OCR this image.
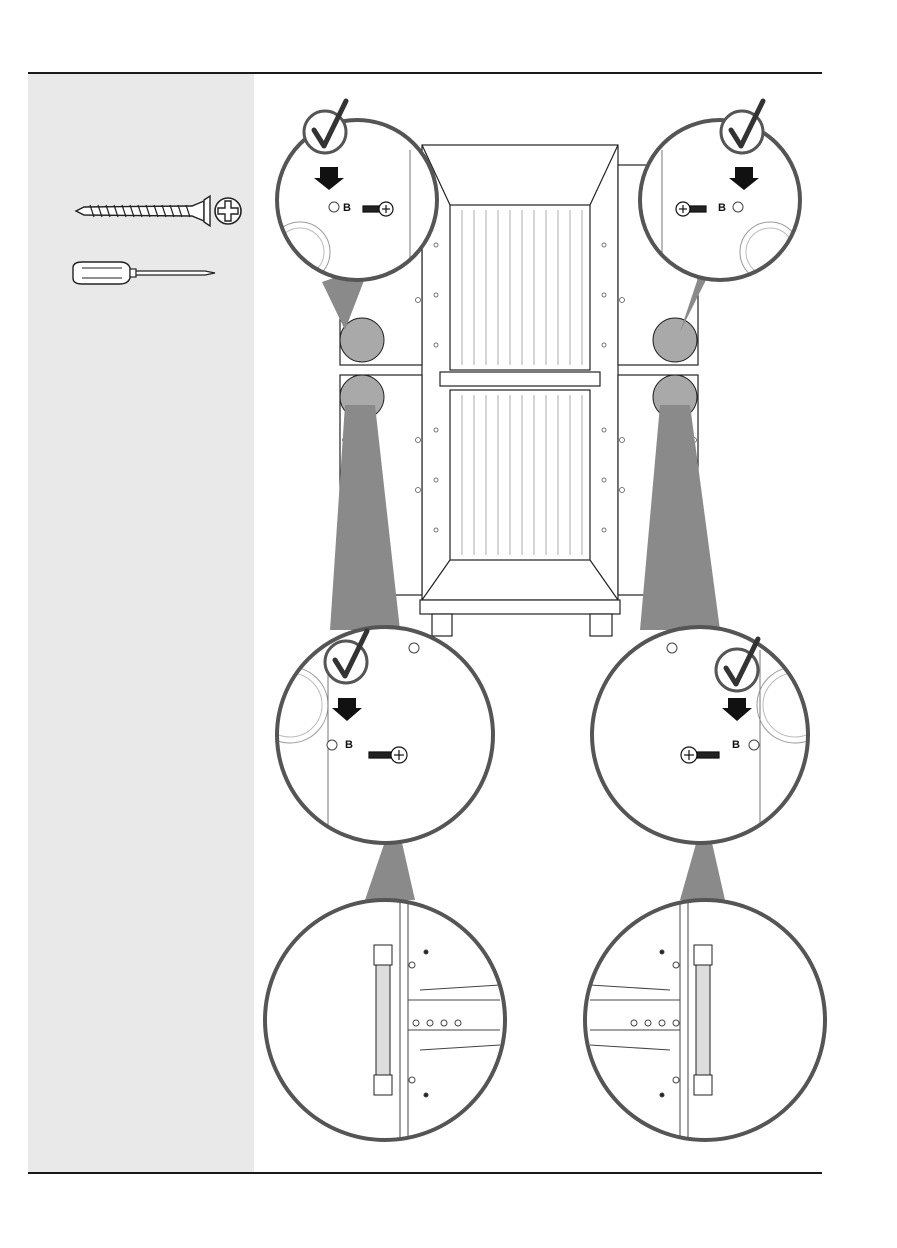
B	B
B	B
